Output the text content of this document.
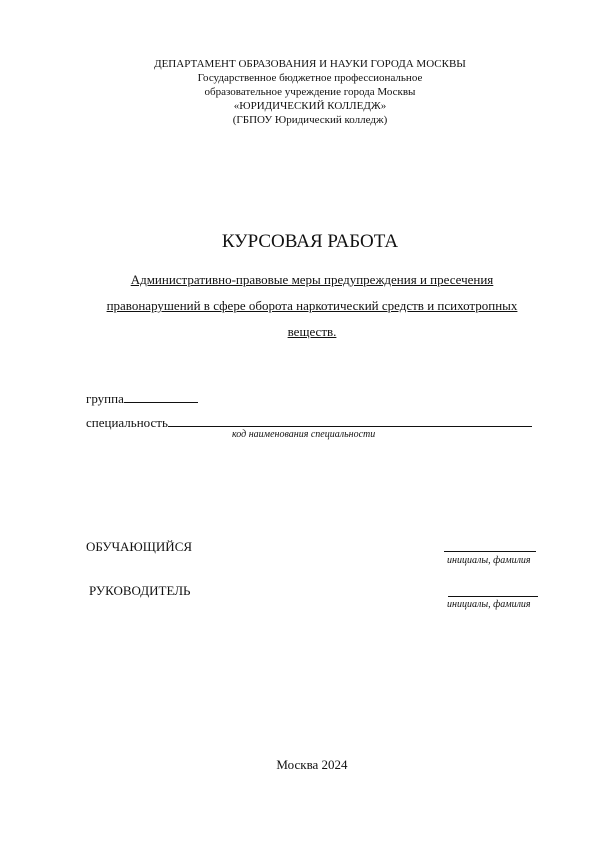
ДЕПАРТАМЕНТ ОБРАЗОВАНИЯ И НАУКИ ГОРОДА МОСКВЫ
Государственное бюджетное профессиональное
образовательное учреждение города Москвы
«ЮРИДИЧЕСКИЙ КОЛЛЕДЖ»
(ГБПОУ Юридический колледж)
КУРСОВАЯ РАБОТА
Административно-правовые меры предупреждения и пресечения
правонарушений в сфере оборота наркотический средств и психотропных
веществ.
группа
специальность
код наименования специальности
ОБУЧАЮЩИЙСЯ
инициалы, фамилия
РУКОВОДИТЕЛЬ
инициалы, фамилия
Москва 2024
